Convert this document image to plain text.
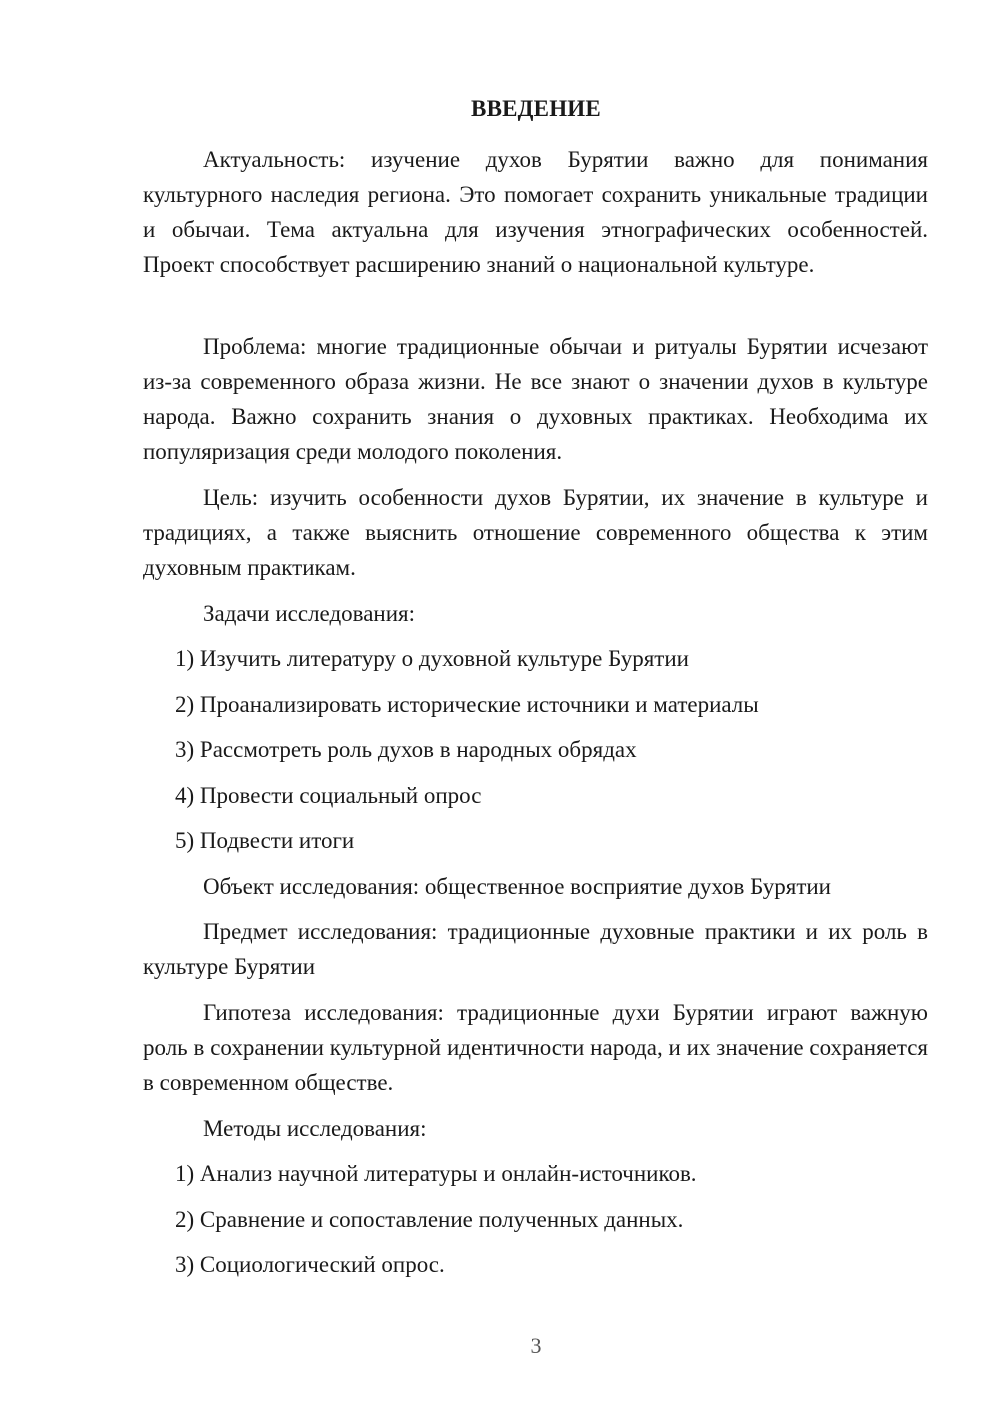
ВВЕДЕНИЕ

Актуальность: изучение духов Бурятии важно для понимания культурного наследия региона. Это помогает сохранить уникальные традиции и обычаи. Тема актуальна для изучения этнографических особенностей. Проект способствует расширению знаний о национальной культуре.

Проблема: многие традиционные обычаи и ритуалы Бурятии исчезают из-за современного образа жизни. Не все знают о значении духов в культуре народа. Важно сохранить знания о духовных практиках. Необходима их популяризация среди молодого поколения.

Цель: изучить особенности духов Бурятии, их значение в культуре и традициях, а также выяснить отношение современного общества к этим духовным практикам.

Задачи исследования:

1) Изучить литературу о духовной культуре Бурятии

2) Проанализировать исторические источники и материалы

3) Рассмотреть роль духов в народных обрядах

4) Провести социальный опрос

5) Подвести итоги

Объект исследования: общественное восприятие духов Бурятии

Предмет исследования: традиционные духовные практики и их роль в культуре Бурятии

Гипотеза исследования: традиционные духи Бурятии играют важную роль в сохранении культурной идентичности народа, и их значение сохраняется в современном обществе.

Методы исследования:

1) Анализ научной литературы и онлайн-источников.

2) Сравнение и сопоставление полученных данных.

3) Социологический опрос.

3
